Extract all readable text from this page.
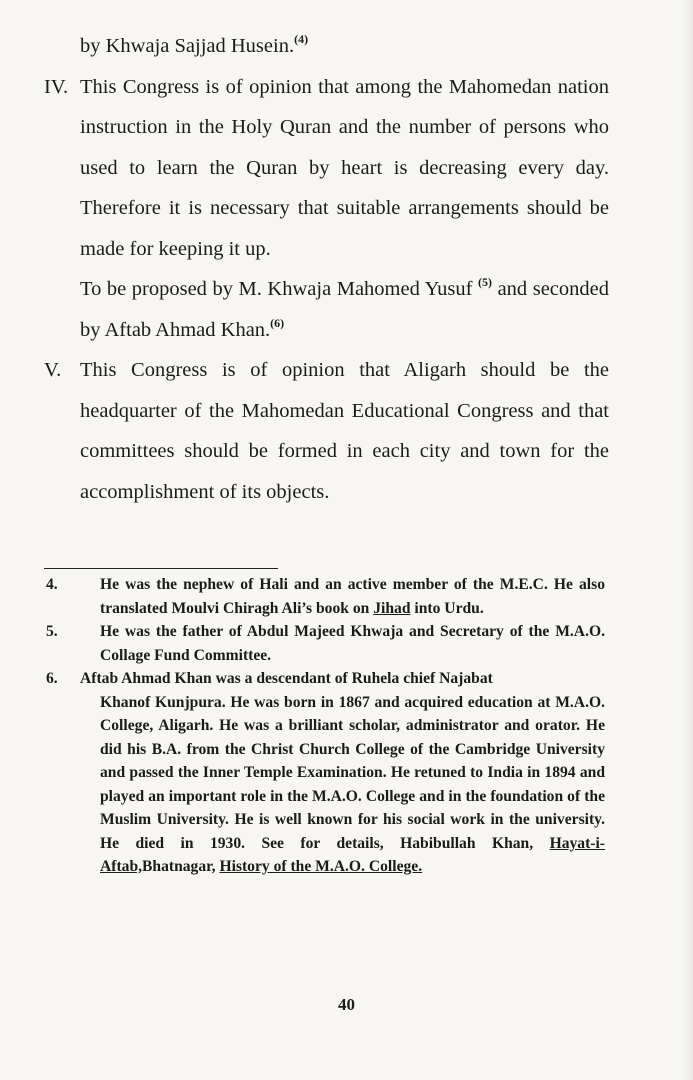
by Khwaja Sajjad Husein.$^{(4)}$
IV. This Congress is of opinion that among the Mahomedan nation instruction in the Holy Quran and the number of persons who used to learn the Quran by heart is decreasing every day. Therefore it is necessary that suitable arrangements should be made for keeping it up.
To be proposed by M. Khwaja Mahomed Yusuf $^{(5)}$ and seconded by Aftab Ahmad Khan.$^{(6)}$
V. This Congress is of opinion that Aligarh should be the headquarter of the Mahomedan Educational Congress and that committees should be formed in each city and town for the accomplishment of its objects.
4.	He was the nephew of Hali and an active member of the M.E.C. He also translated Moulvi Chiragh Ali’s book on Jihad into Urdu.
5.	He was the father of Abdul Majeed Khwaja and Secretary of the M.A.O. Collage Fund Committee.
6. Aftab Ahmad Khan was a descendant of Ruhela chief Najabat
Khanof Kunjpura. He was born in 1867 and acquired education at M.A.O. College, Aligarh. He was a brilliant scholar, administrator and orator. He did his B.A. from the Christ Church College of the Cambridge University and passed the Inner Temple Examination. He retuned to India in 1894 and played an important role in the M.A.O. College and in the foundation of the Muslim University. He is well known for his social work in the university. He died in 1930. See for details, Habibullah Khan, Hayat-i-Aftab,Bhatnagar, History of the M.A.O. College.
40
